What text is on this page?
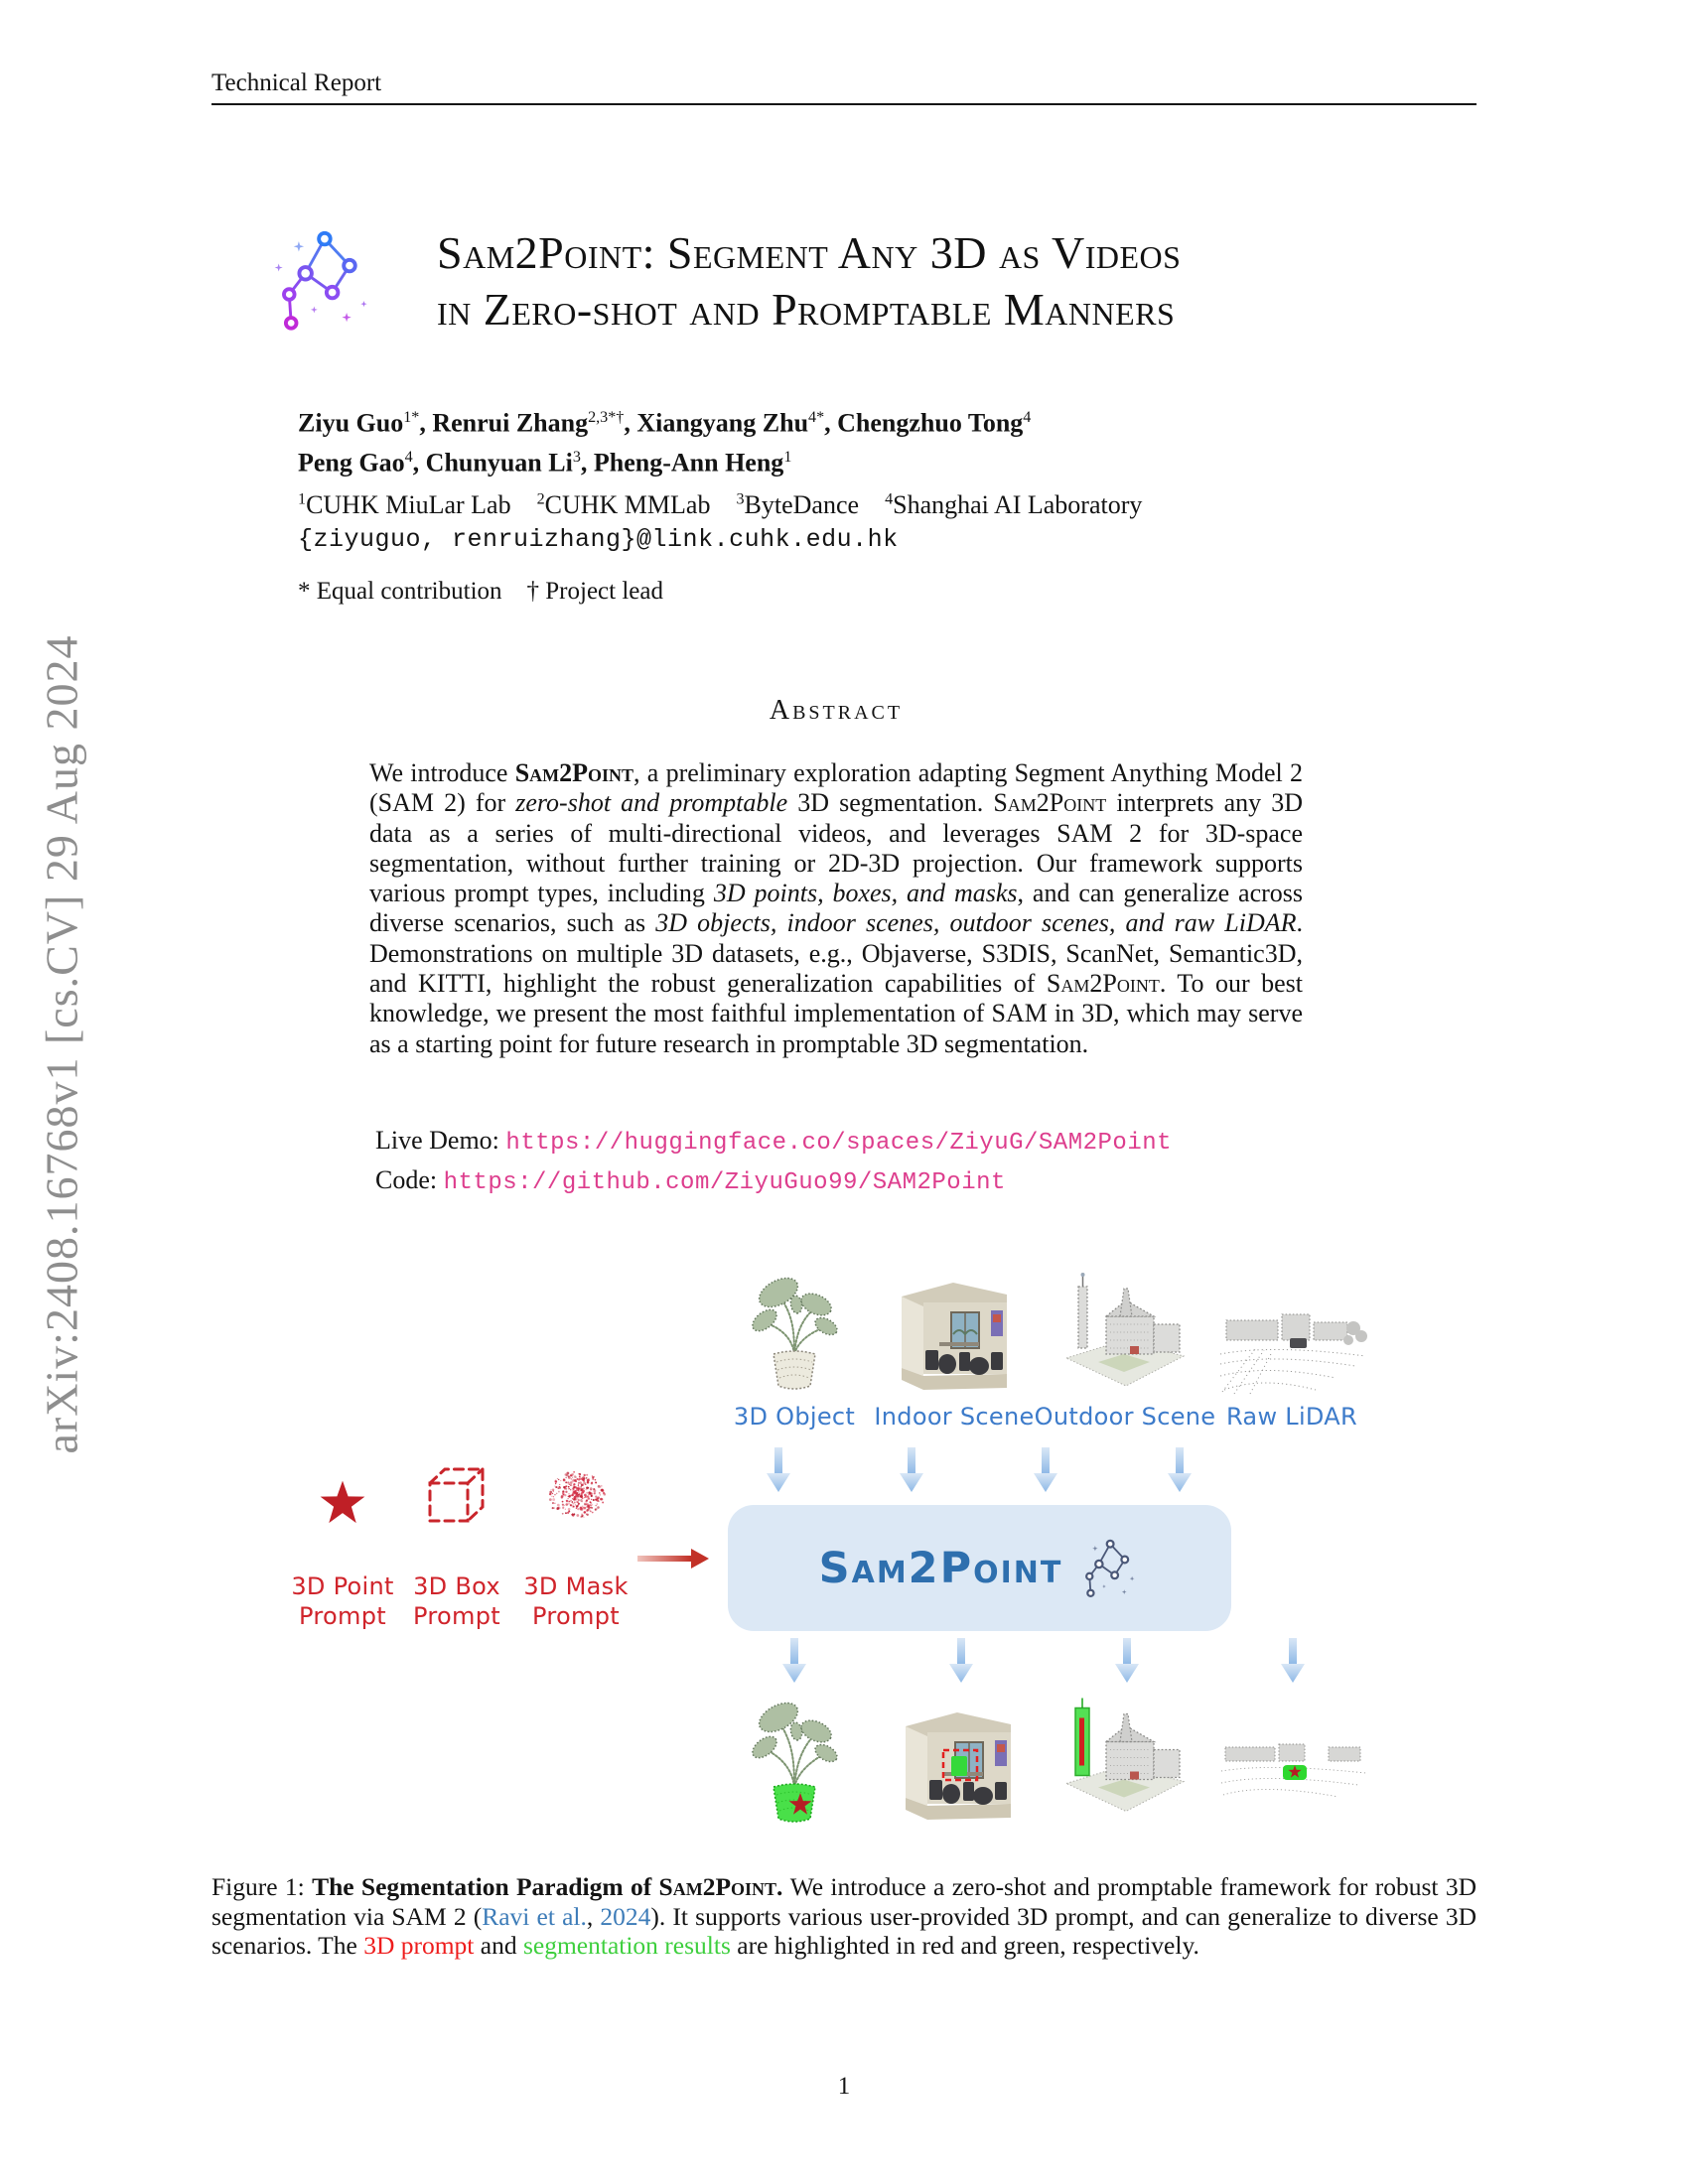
Technical Report
arXiv:2408.16768v1 [cs.CV] 29 Aug 2024
Sam2Point: Segment Any 3D as Videos
in Zero-shot and Promptable Manners
Ziyu Guo$^{1*}$, Renrui Zhang$^{2,3*\dagger}$, Xiangyang Zhu$^{4*}$, Chengzhuo Tong$^4$
Peng Gao$^4$, Chunyuan Li$^3$, Pheng-Ann Heng$^1$
$^1$CUHK MiuLar Lab    $^2$CUHK MMLab    $^3$ByteDance    $^4$Shanghai AI Laboratory
{ziyuguo, renruizhang}@link.cuhk.edu.hk
* Equal contribution    † Project lead
Abstract
We introduce Sam2Point, a preliminary exploration adapting Segment Anything Model 2 (SAM 2) for zero-shot and promptable 3D segmentation. Sam2Point interprets any 3D data as a series of multi-directional videos, and leverages SAM 2 for 3D-space segmentation, without further training or 2D-3D projection. Our framework supports various prompt types, including 3D points, boxes, and masks, and can generalize across diverse scenarios, such as 3D objects, indoor scenes, outdoor scenes, and raw LiDAR. Demonstrations on multiple 3D datasets, e.g., Objaverse, S3DIS, ScanNet, Semantic3D, and KITTI, highlight the robust generalization capabilities of Sam2Point. To our best knowledge, we present the most faithful implementation of SAM in 3D, which may serve as a starting point for future research in promptable 3D segmentation.
Live Demo: https://huggingface.co/spaces/ZiyuG/SAM2Point
Code: https://github.com/ZiyuGuo99/SAM2Point
3D Object Indoor Scene Outdoor Scene Raw LiDAR
3D Point
Prompt
3D Box
Prompt
3D Mask
Prompt
Sam2Point
Figure 1: The Segmentation Paradigm of Sam2Point. We introduce a zero-shot and promptable framework for robust 3D segmentation via SAM 2 (Ravi et al., 2024). It supports various user-provided 3D prompt, and can generalize to diverse 3D scenarios. The 3D prompt and segmentation results are highlighted in red and green, respectively.
1
